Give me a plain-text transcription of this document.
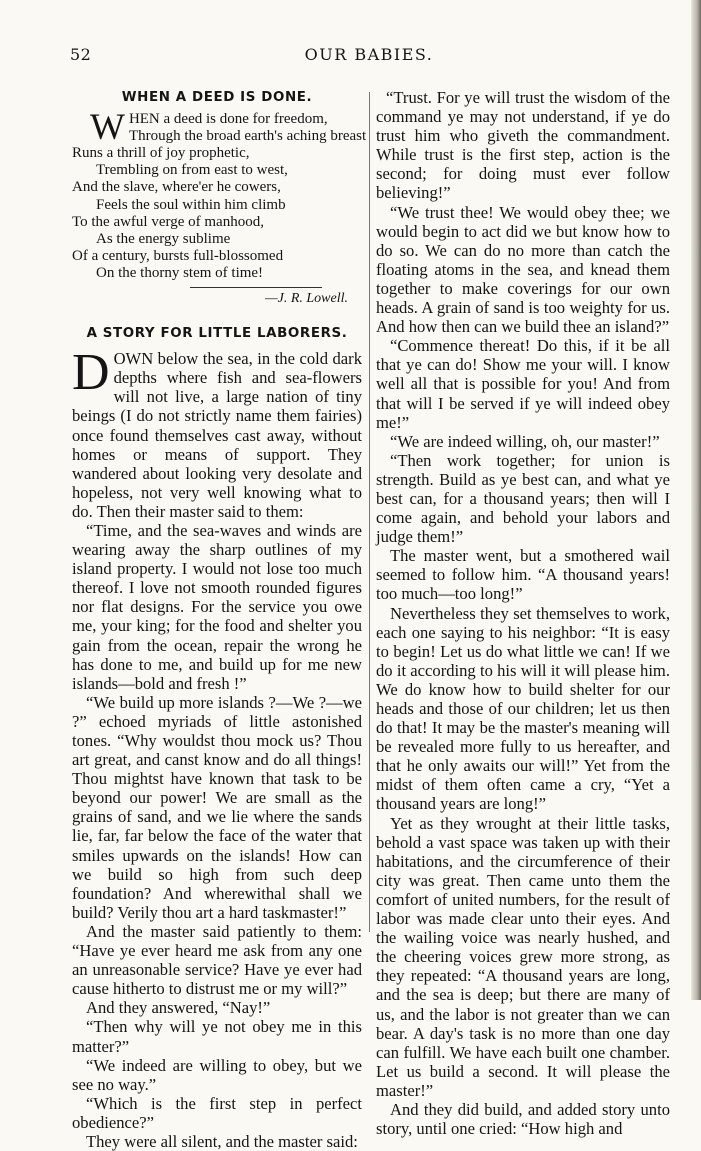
52	OUR BABIES.
WHEN A DEED IS DONE.
W HEN a deed is done for freedom,
Through the broad earth's aching breast
Runs a thrill of joy prophetic,
Trembling on from east to west,
And the slave, where'er he cowers,
Feels the soul within him climb
To the awful verge of manhood,
As the energy sublime
Of a century, bursts full-blossomed
On the thorny stem of time!
—J. R. Lowell.
A STORY FOR LITTLE LABORERS.

DOWN below the sea, in the cold dark depths where fish and sea-flowers will not live, a large nation of tiny beings (I do not strictly name them fairies) once found themselves cast away, without homes or means of support. They wandered about looking very desolate and hopeless, not very well knowing what to do. Then their master said to them:

“Time, and the sea-waves and winds are wearing away the sharp outlines of my island property. I would not lose too much thereof. I love not smooth rounded figures nor flat designs. For the service you owe me, your king; for the food and shelter you gain from the ocean, repair the wrong he has done to me, and build up for me new islands—bold and fresh !”

“We build up more islands ?—We ?—we ?” echoed myriads of little astonished tones. “Why wouldst thou mock us? Thou art great, and canst know and do all things! Thou mightst have known that task to be beyond our power! We are small as the grains of sand, and we lie where the sands lie, far, far below the face of the water that smiles upwards on the islands! How can we build so high from such deep foundation? And wherewithal shall we build? Verily thou art a hard taskmaster!”

And the master said patiently to them: “Have ye ever heard me ask from any one an unreasonable service? Have ye ever had cause hitherto to distrust me or my will?”

And they answered, “Nay!”

“Then why will ye not obey me in this matter?”

“We indeed are willing to obey, but we see no way.”

“Which is the first step in perfect obedience?”

They were all silent, and the master said:

“Trust. For ye will trust the wisdom of the command ye may not understand, if ye do trust him who giveth the commandment. While trust is the first step, action is the second; for doing must ever follow believing!”

“We trust thee! We would obey thee; we would begin to act did we but know how to do so. We can do no more than catch the floating atoms in the sea, and knead them together to make coverings for our own heads. A grain of sand is too weighty for us. And how then can we build thee an island?”

“Commence thereat! Do this, if it be all that ye can do! Show me your will. I know well all that is possible for you! And from that will I be served if ye will indeed obey me!”

“We are indeed willing, oh, our master!”

“Then work together; for union is strength. Build as ye best can, and what ye best can, for a thousand years; then will I come again, and behold your labors and judge them!”

The master went, but a smothered wail seemed to follow him. “A thousand years! too much—too long!”

Nevertheless they set themselves to work, each one saying to his neighbor: “It is easy to begin! Let us do what little we can! If we do it according to his will it will please him. We do know how to build shelter for our heads and those of our children; let us then do that! It may be the master's meaning will be revealed more fully to us hereafter, and that he only awaits our will!” Yet from the midst of them often came a cry, “Yet a thousand years are long!”

Yet as they wrought at their little tasks, behold a vast space was taken up with their habitations, and the circumference of their city was great. Then came unto them the comfort of united numbers, for the result of labor was made clear unto their eyes. And the wailing voice was nearly hushed, and the cheering voices grew more strong, as they repeated: “A thousand years are long, and the sea is deep; but there are many of us, and the labor is not greater than we can bear. A day's task is no more than one day can fulfill. We have each built one chamber. Let us build a second. It will please the master!”

And they did build, and added story unto story, until one cried: “How high and
